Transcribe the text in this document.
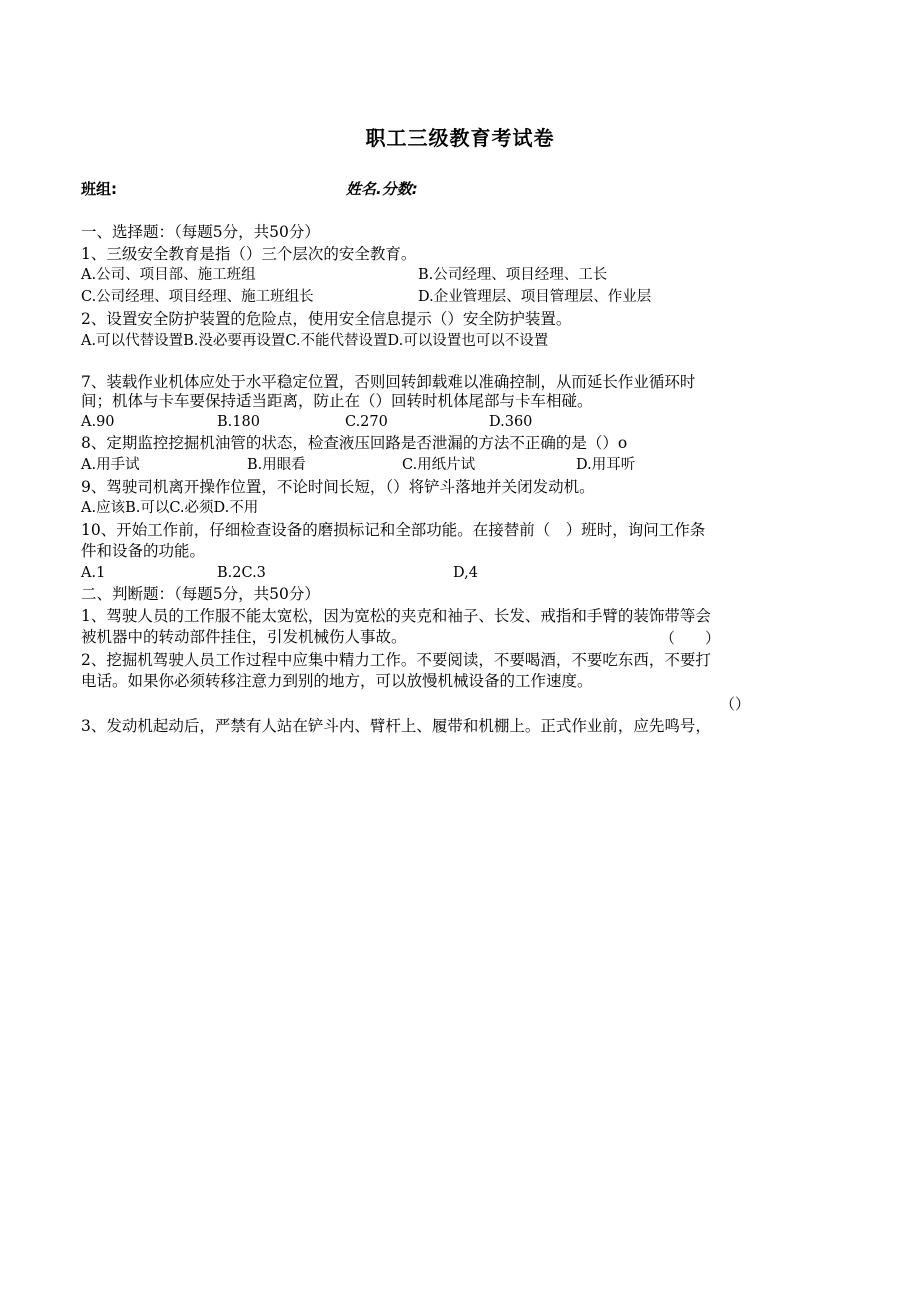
职工三级教育考试卷
班组:	姓名.分数:
一、选择题：（每题5分，共50分）
1、三级安全教育是指（）三个层次的安全教育。
A.公司、项目部、施工班组	B.公司经理、项目经理、工长
C.公司经理、项目经理、施工班组长	D.企业管理层、项目管理层、作业层
2、设置安全防护装置的危险点，使用安全信息提示（）安全防护装置。
A.可以代替设置B.没必要再设置C.不能代替设置D.可以设置也可以不设置
7、装载作业机体应处于水平稳定位置，否则回转卸载难以准确控制，从而延长作业循环时
间；机体与卡车要保持适当距离，防止在（）回转时机体尾部与卡车相碰。
A.90	B.180	C.270	D.360
8、定期监控挖掘机油管的状态，检查液压回路是否泄漏的方法不正确的是（）o
A.用手试	B.用眼看	C.用纸片试	D.用耳听
9、驾驶司机离开操作位置，不论时间长短，（）将铲斗落地并关闭发动机。
A.应该B.可以C.必须D.不用
10、开始工作前，仔细检查设备的磨损标记和全部功能。在接替前（　）班时，询问工作条
件和设备的功能。
A.1	B.2C.3	D,4
二、判断题：（每题5分，共50分）
1、驾驶人员的工作服不能太宽松，因为宽松的夹克和袖子、长发、戒指和手臂的装饰带等会
被机器中的转动部件挂住，引发机械伤人事故。	（　　）
2、挖掘机驾驶人员工作过程中应集中精力工作。不要阅读，不要喝酒，不要吃东西，不要打
电话。如果你必须转移注意力到别的地方，可以放慢机械设备的工作速度。
（）
3、发动机起动后，严禁有人站在铲斗内、臂杆上、履带和机棚上。正式作业前，应先鸣号，
